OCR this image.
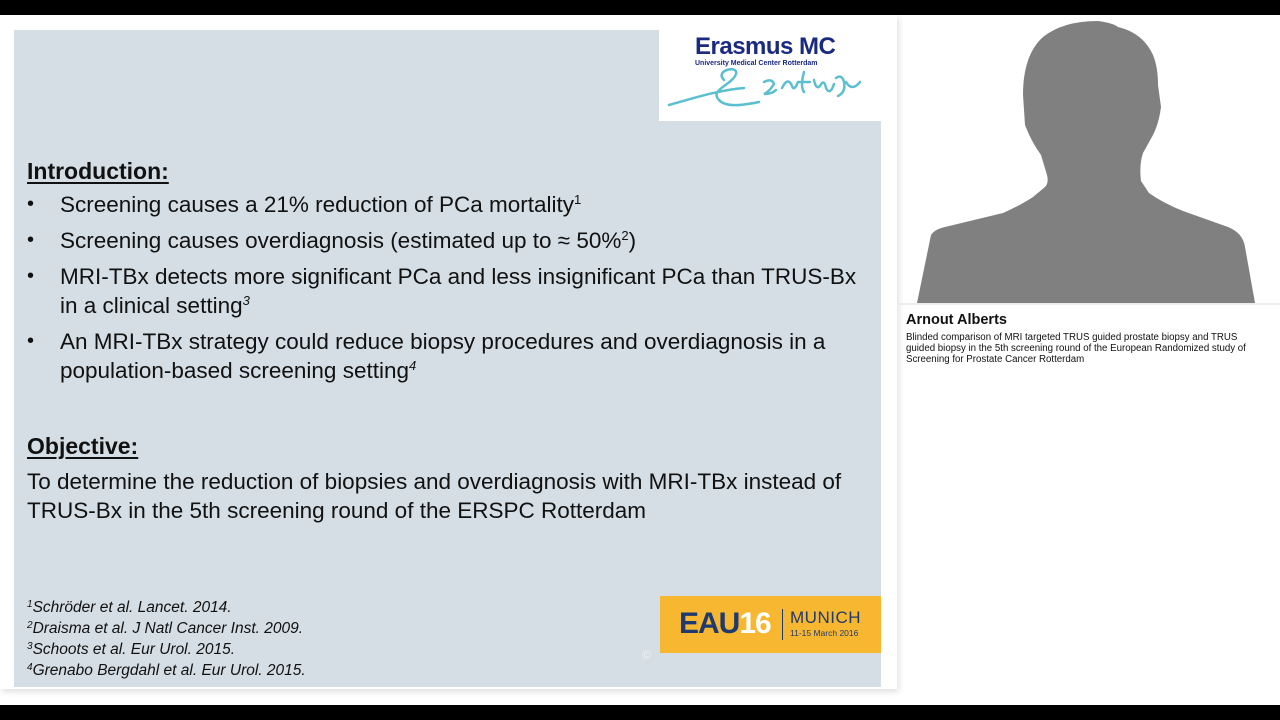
Erasmus MC
University Medical Center Rotterdam
Introduction:
• Screening causes a 21% reduction of PCa mortality$^1$
• Screening causes overdiagnosis (estimated up to ≈ 50%$^2$)
• MRI-TBx detects more significant PCa and less insignificant PCa than TRUS-Bx in a clinical setting$^3$
• An MRI-TBx strategy could reduce biopsy procedures and overdiagnosis in a population-based screening setting$^4$
Objective:
To determine the reduction of biopsies and overdiagnosis with MRI-TBx instead of TRUS-Bx in the 5th screening round of the ERSPC Rotterdam
$^1$Schröder et al. Lancet. 2014.
$^2$Draisma et al. J Natl Cancer Inst. 2009.
$^3$Schoots et al. Eur Urol. 2015.
$^4$Grenabo Bergdahl et al. Eur Urol. 2015.
©
EAU16 MUNICH
11-15 March 2016
Arnout Alberts
Blinded comparison of MRI targeted TRUS guided prostate biopsy and TRUS guided biopsy in the 5th screening round of the European Randomized study of Screening for Prostate Cancer Rotterdam
